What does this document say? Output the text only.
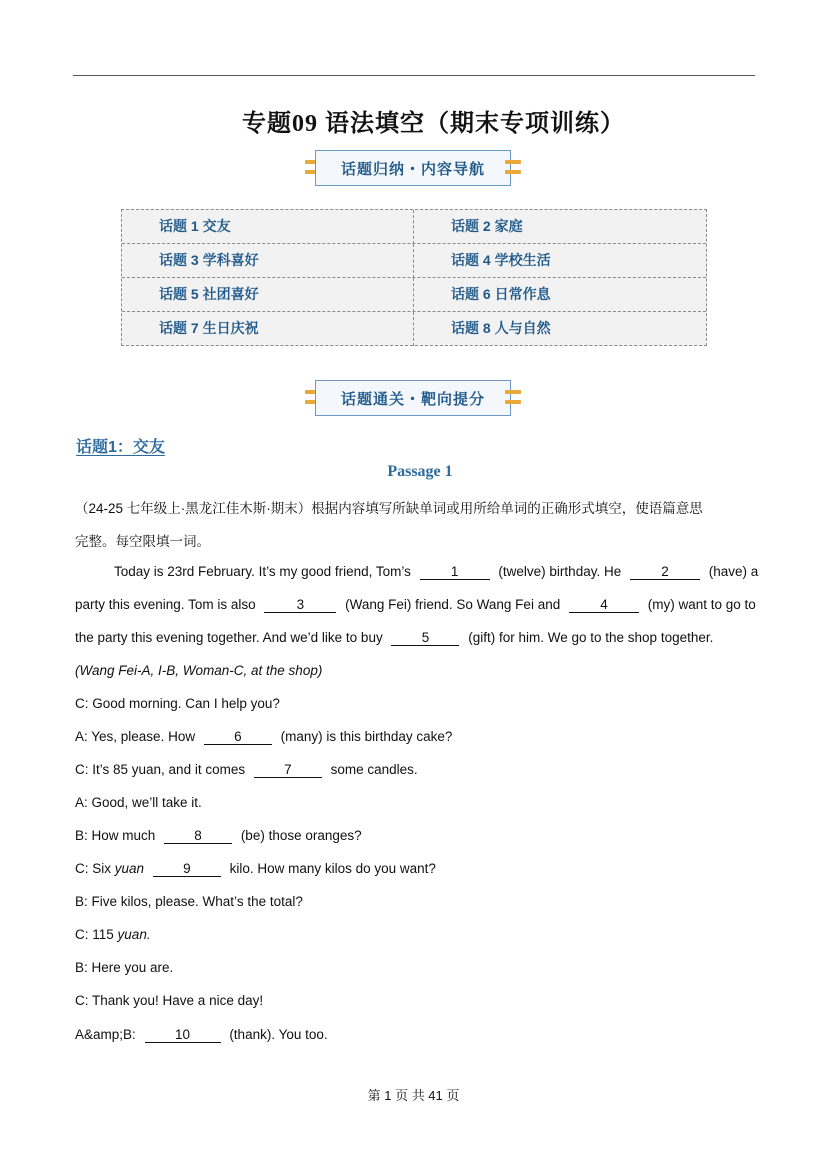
专题09 语法填空（期末专项训练）
话题归纳・内容导航
话题 1 交友	话题 2 家庭
话题 3 学科喜好	话题 4 学校生活
话题 5 社团喜好	话题 6 日常作息
话题 7 生日庆祝	话题 8 人与自然
话题通关・靶向提分
话题1：交友
Passage 1
（24-25 七年级上·黑龙江佳木斯·期末）根据内容填写所缺单词或用所给单词的正确形式填空，使语篇意思
完整。每空限填一词。
Today is 23rd February. It’s my good friend, Tom’s	1	(twelve) birthday. He	2	(have) a
party this evening. Tom is also	3	(Wang Fei) friend. So Wang Fei and	4	(my) want to go to
the party this evening together. And we’d like to buy	5	(gift) for him. We go to the shop together.
(Wang Fei-A, I-B, Woman-C, at the shop)
C: Good morning. Can I help you?
A: Yes, please. How	6	(many) is this birthday cake?
C: It’s 85 yuan, and it comes	7	some candles.
A: Good, we’ll take it.
B: How much	8	(be) those oranges?
C: Six yuan	9	kilo. How many kilos do you want?
B: Five kilos, please. What’s the total?
C: 115 yuan.
B: Here you are.
C: Thank you! Have a nice day!
A&amp;B:	10	(thank). You too.
第 1 页 共 41 页
